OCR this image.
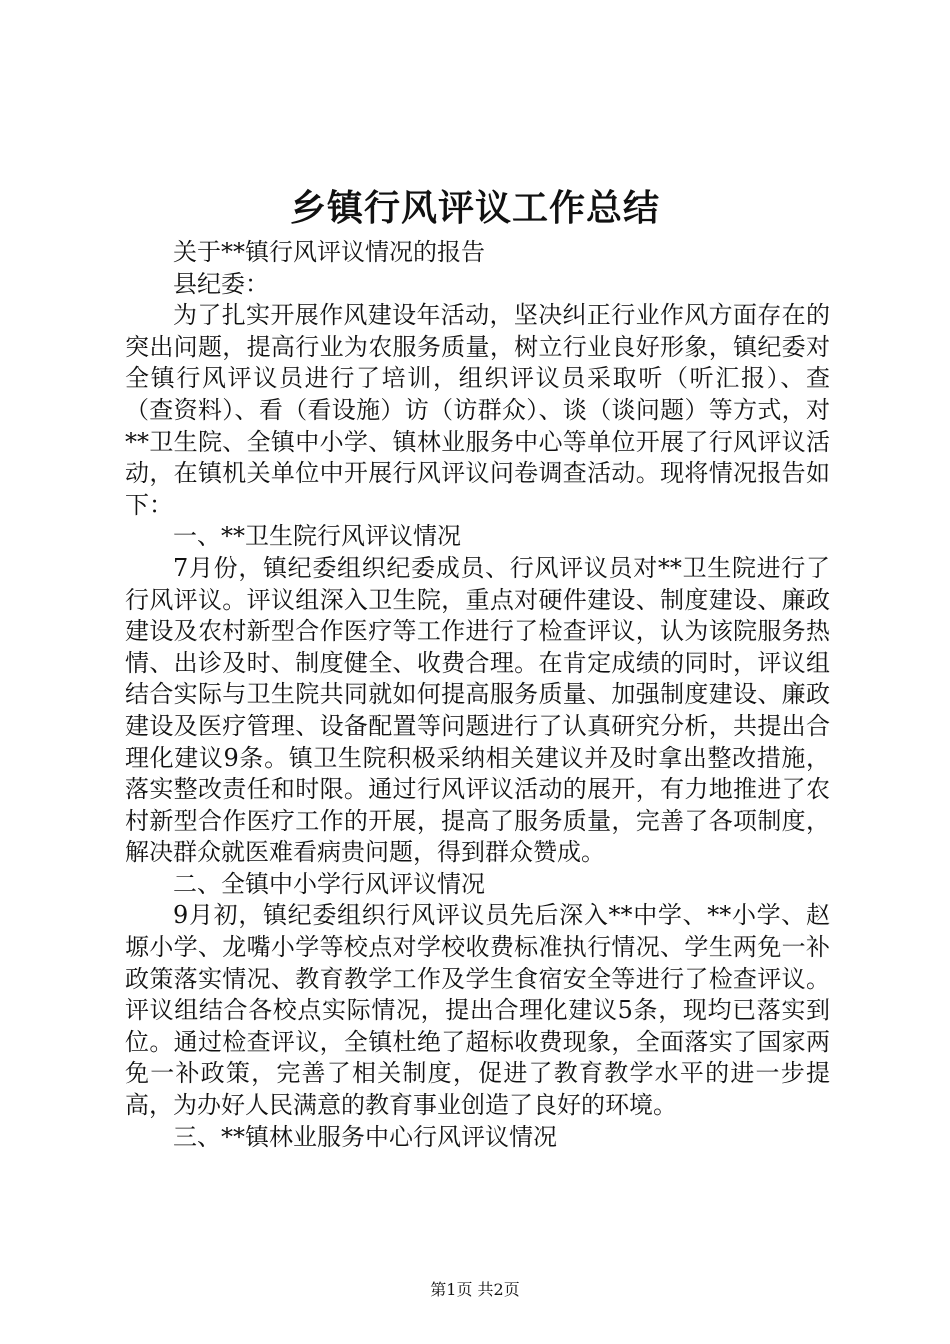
乡镇行风评议工作总结

关于**镇行风评议情况的报告

县纪委：

为了扎实开展作风建设年活动，坚决纠正行业作风方面存在的突出问题，提高行业为农服务质量，树立行业良好形象，镇纪委对全镇行风评议员进行了培训，组织评议员采取听（听汇报）、查（查资料）、看（看设施）访（访群众）、谈（谈问题）等方式，对**卫生院、全镇中小学、镇林业服务中心等单位开展了行风评议活动，在镇机关单位中开展行风评议问卷调查活动。现将情况报告如下：

一、**卫生院行风评议情况

7月份，镇纪委组织纪委成员、行风评议员对**卫生院进行了行风评议。评议组深入卫生院，重点对硬件建设、制度建设、廉政建设及农村新型合作医疗等工作进行了检查评议，认为该院服务热情、出诊及时、制度健全、收费合理。在肯定成绩的同时，评议组结合实际与卫生院共同就如何提高服务质量、加强制度建设、廉政建设及医疗管理、设备配置等问题进行了认真研究分析，共提出合理化建议9条。镇卫生院积极采纳相关建议并及时拿出整改措施，落实整改责任和时限。通过行风评议活动的展开，有力地推进了农村新型合作医疗工作的开展，提高了服务质量，完善了各项制度，解决群众就医难看病贵问题，得到群众赞成。

二、全镇中小学行风评议情况

9月初，镇纪委组织行风评议员先后深入**中学、**小学、赵塬小学、龙嘴小学等校点对学校收费标准执行情况、学生两免一补政策落实情况、教育教学工作及学生食宿安全等进行了检查评议。评议组结合各校点实际情况，提出合理化建议5条，现均已落实到位。通过检查评议，全镇杜绝了超标收费现象，全面落实了国家两免一补政策，完善了相关制度，促进了教育教学水平的进一步提高，为办好人民满意的教育事业创造了良好的环境。

三、**镇林业服务中心行风评议情况

第1页 共2页
